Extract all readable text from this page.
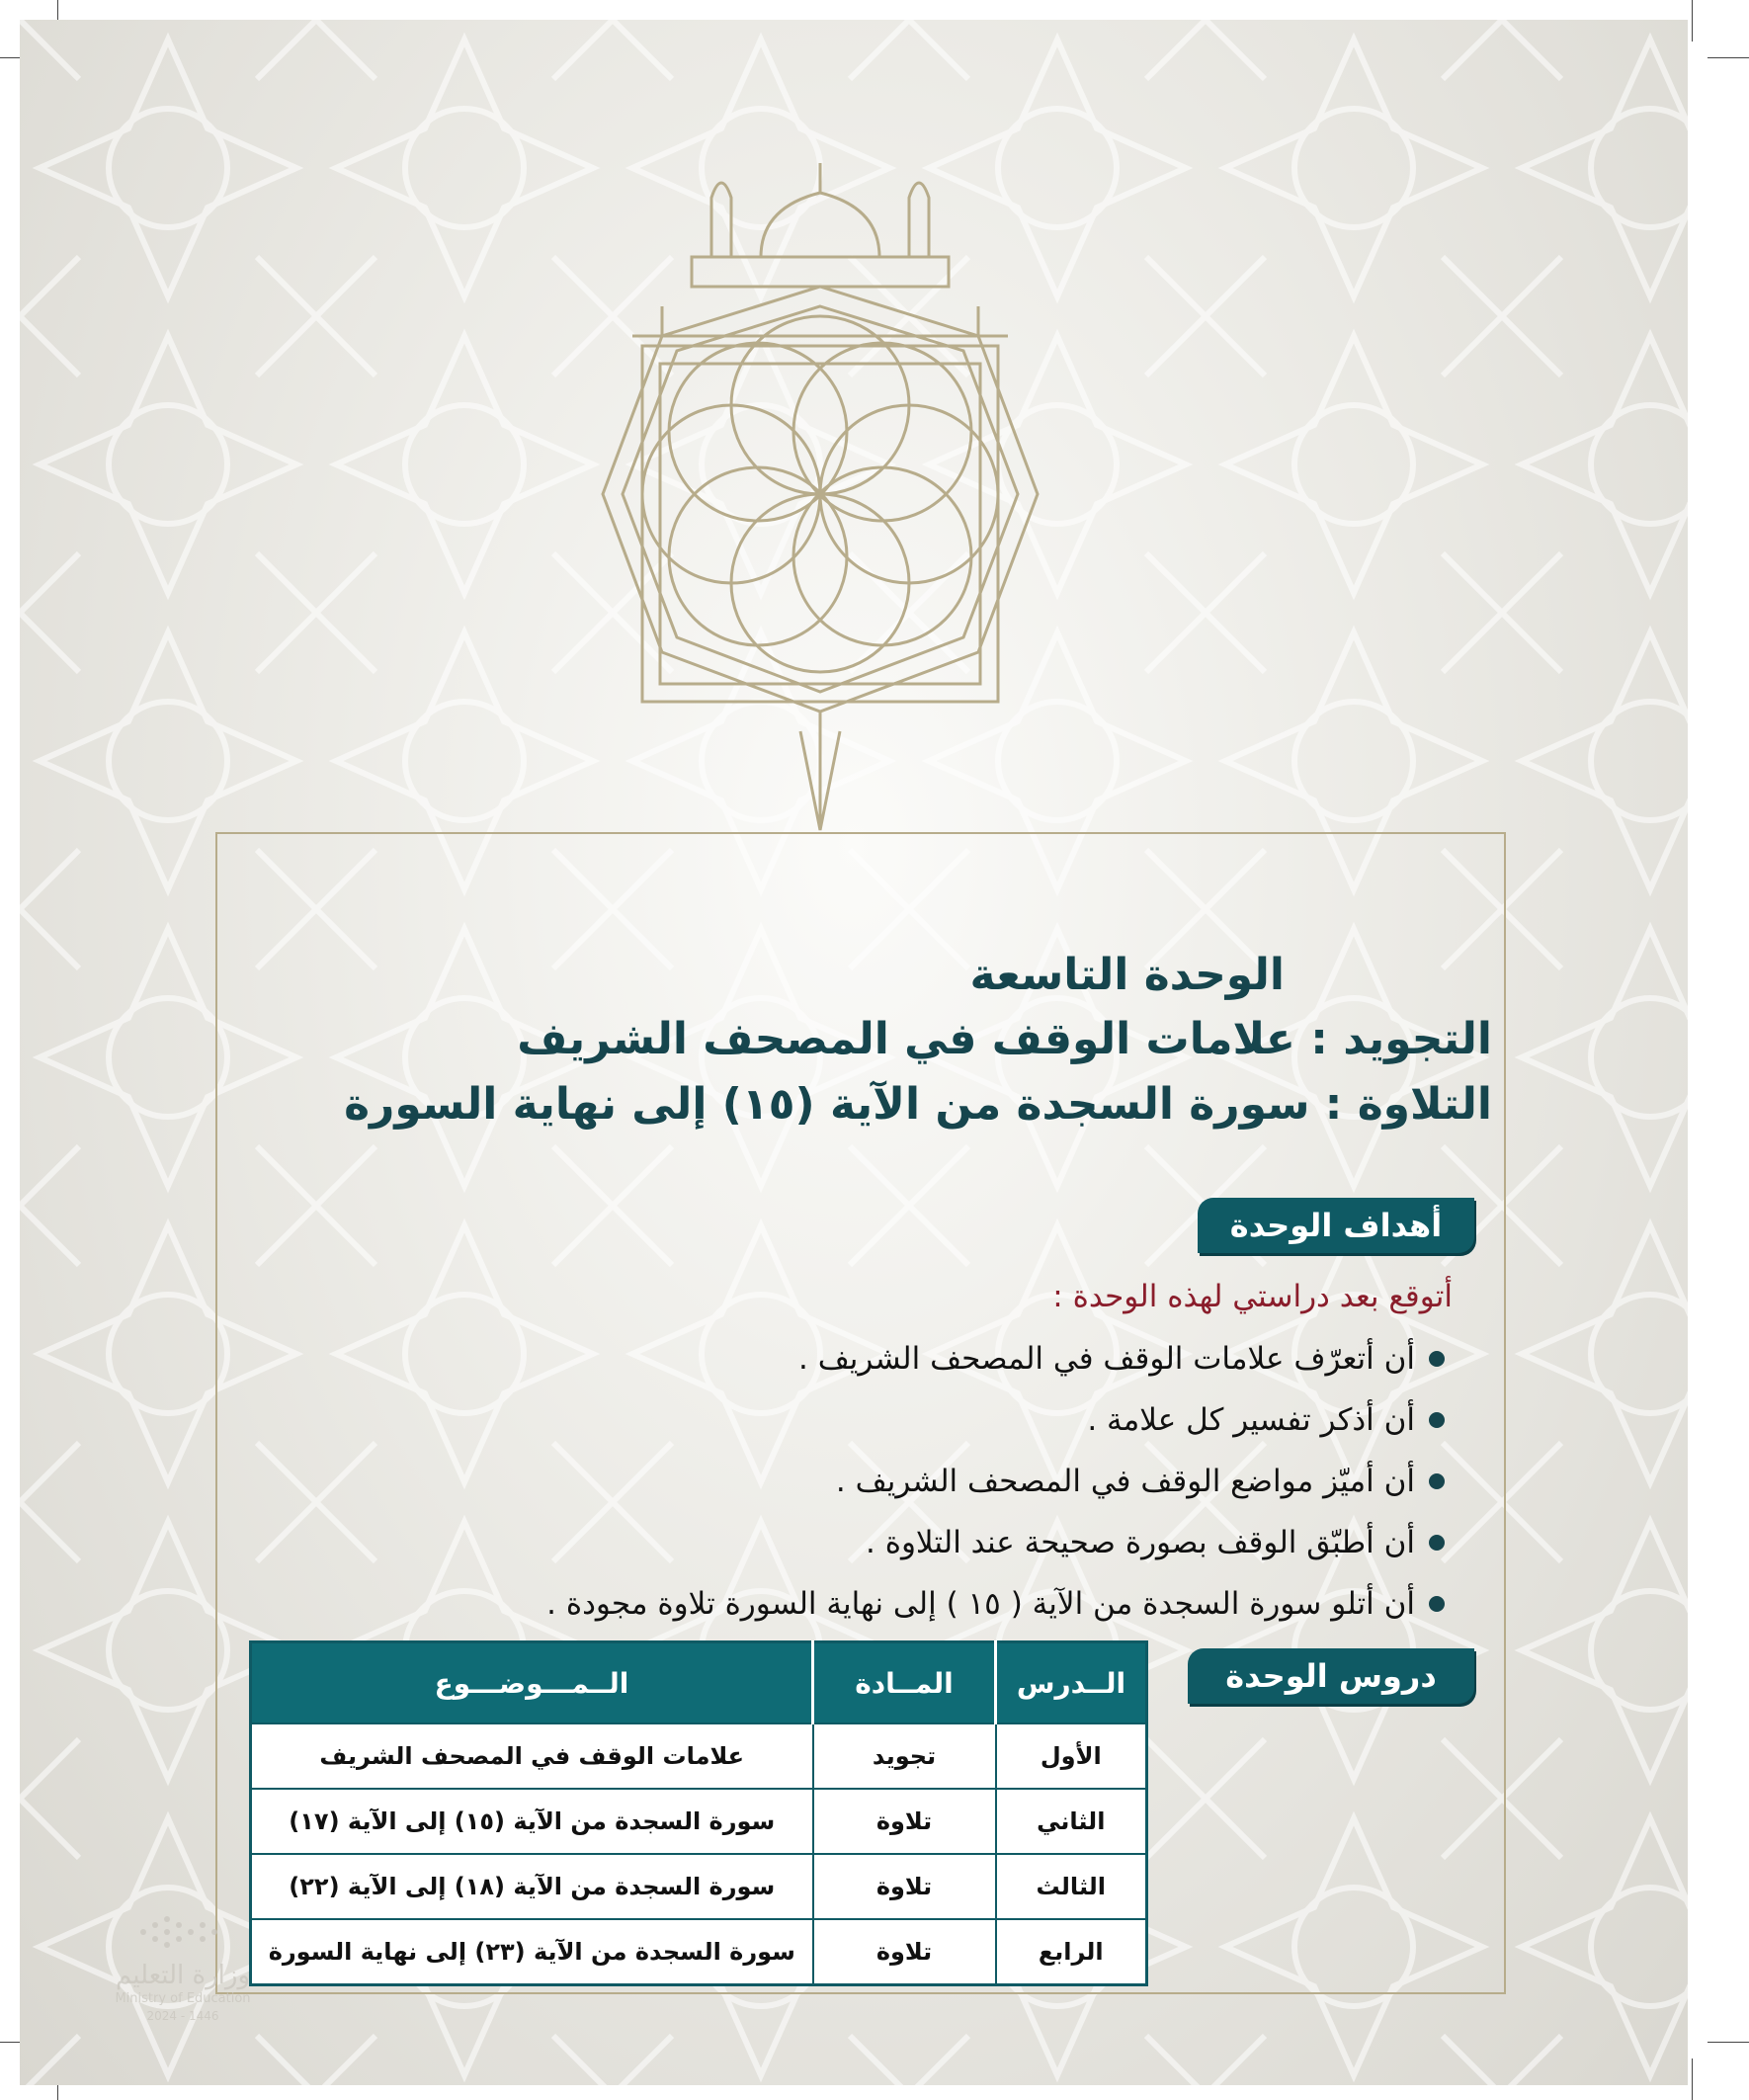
الوحدة التاسعة
التجويد : علامات الوقف في المصحف الشريف
التلاوة : سورة السجدة من الآية (١٥) إلى نهاية السورة
أهداف الوحدة
أتوقع بعد دراستي لهذه الوحدة :
أن أتعرّف علامات الوقف في المصحف الشريف .
أن أذكر تفسير كل علامة .
أن أميّز مواضع الوقف في المصحف الشريف .
أن أطبّق الوقف بصورة صحيحة عند التلاوة .
أن أتلو سورة السجدة من الآية ( ١٥ ) إلى نهاية السورة تلاوة مجودة .
دروس الوحدة
الــدرس	المــادة	الــمـــوضـــوع
الأول	تجويد	علامات الوقف في المصحف الشريف
الثاني	تلاوة	سورة السجدة من الآية (١٥) إلى الآية (١٧)
الثالث	تلاوة	سورة السجدة من الآية (١٨) إلى الآية (٢٢)
الرابع	تلاوة	سورة السجدة من الآية (٢٣) إلى نهاية السورة
وزارة التعليم
Ministry of Education
2024 - 1446
